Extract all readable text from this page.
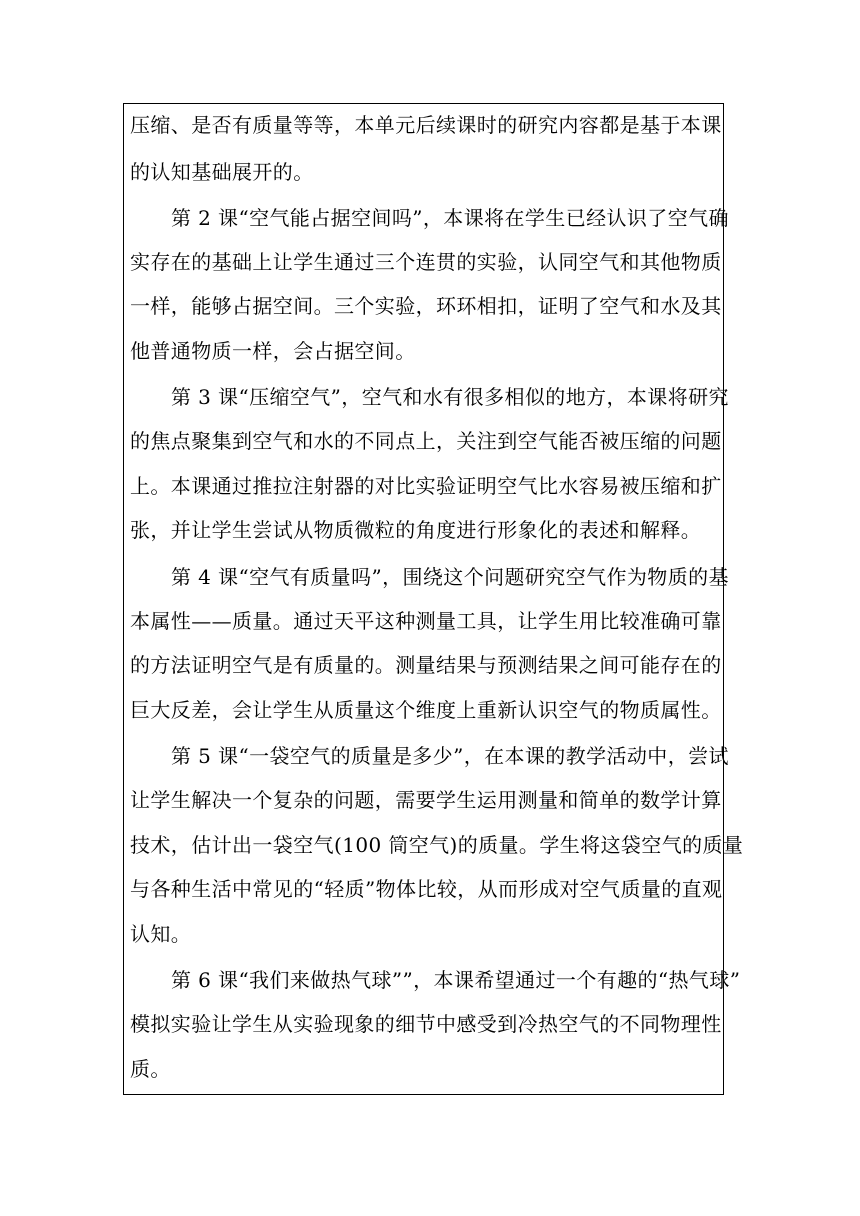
压缩、是否有质量等等，本单元后续课时的研究内容都是基于本课
的认知基础展开的。
第 2 课“空气能占据空间吗”，本课将在学生已经认识了空气确
实存在的基础上让学生通过三个连贯的实验，认同空气和其他物质
一样，能够占据空间。三个实验，环环相扣，证明了空气和水及其
他普通物质一样，会占据空间。
第 3 课“压缩空气”，空气和水有很多相似的地方，本课将研究
的焦点聚集到空气和水的不同点上，关注到空气能否被压缩的问题
上。本课通过推拉注射器的对比实验证明空气比水容易被压缩和扩
张，并让学生尝试从物质微粒的角度进行形象化的表述和解释。
第 4 课“空气有质量吗”，围绕这个问题研究空气作为物质的基
本属性——质量。通过天平这种测量工具，让学生用比较准确可靠
的方法证明空气是有质量的。测量结果与预测结果之间可能存在的
巨大反差，会让学生从质量这个维度上重新认识空气的物质属性。
第 5 课“一袋空气的质量是多少”，在本课的教学活动中，尝试
让学生解决一个复杂的问题，需要学生运用测量和简单的数学计算
技术，估计出一袋空气(100 筒空气)的质量。学生将这袋空气的质量
与各种生活中常见的“轻质”物体比较，从而形成对空气质量的直观
认知。
第 6 课“我们来做热气球””，本课希望通过一个有趣的“热气球”
模拟实验让学生从实验现象的细节中感受到冷热空气的不同物理性
质。
